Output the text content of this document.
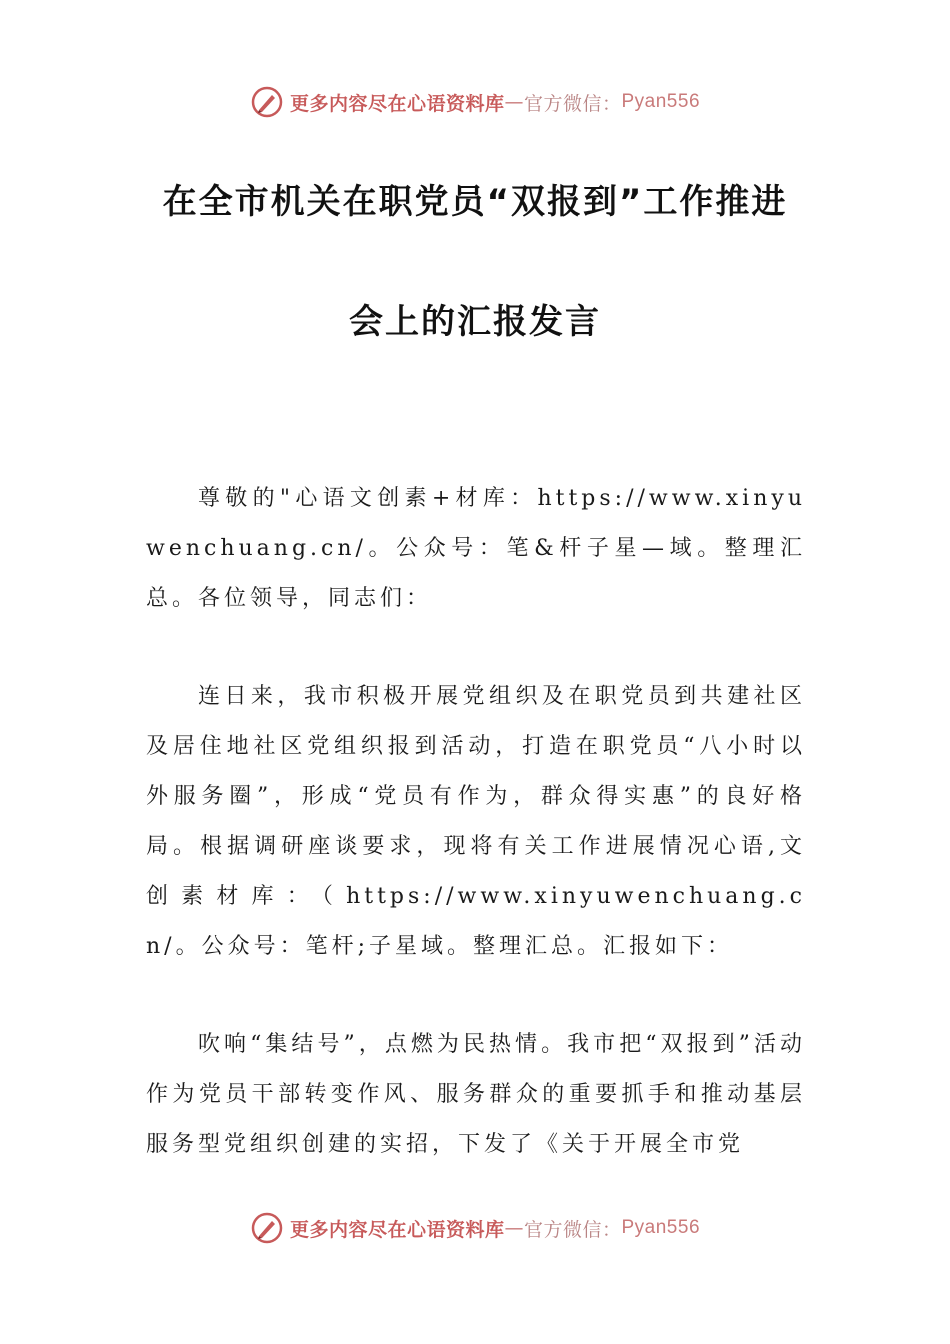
更多内容尽在心语资料库 — 官方微信： Pyan556
在全市机关在职党员“双报到”工作推进
会上的汇报发言

尊敬的"心语文创素+材库：https://www.xinyuwenchuang.cn/。公众号：笔&杆子星—域。整理汇总。各位领导，同志们：

连日来，我市积极开展党组织及在职党员到共建社区及居住地社区党组织报到活动，打造在职党员“八小时以外服务圈”，形成“党员有作为，群众得实惠”的良好格局。根据调研座谈要求，现将有关工作进展情况心语,文创素材库：（https://www.xinyuwenchuang.cn/。公众号：笔杆;子星域。整理汇总。汇报如下：

吹响“集结号”，点燃为民热情。我市把“双报到”活动作为党员干部转变作风、服务群众的重要抓手和推动基层服务型党组织创建的实招，下发了《关于开展全市党

更多内容尽在心语资料库 — 官方微信： Pyan556
